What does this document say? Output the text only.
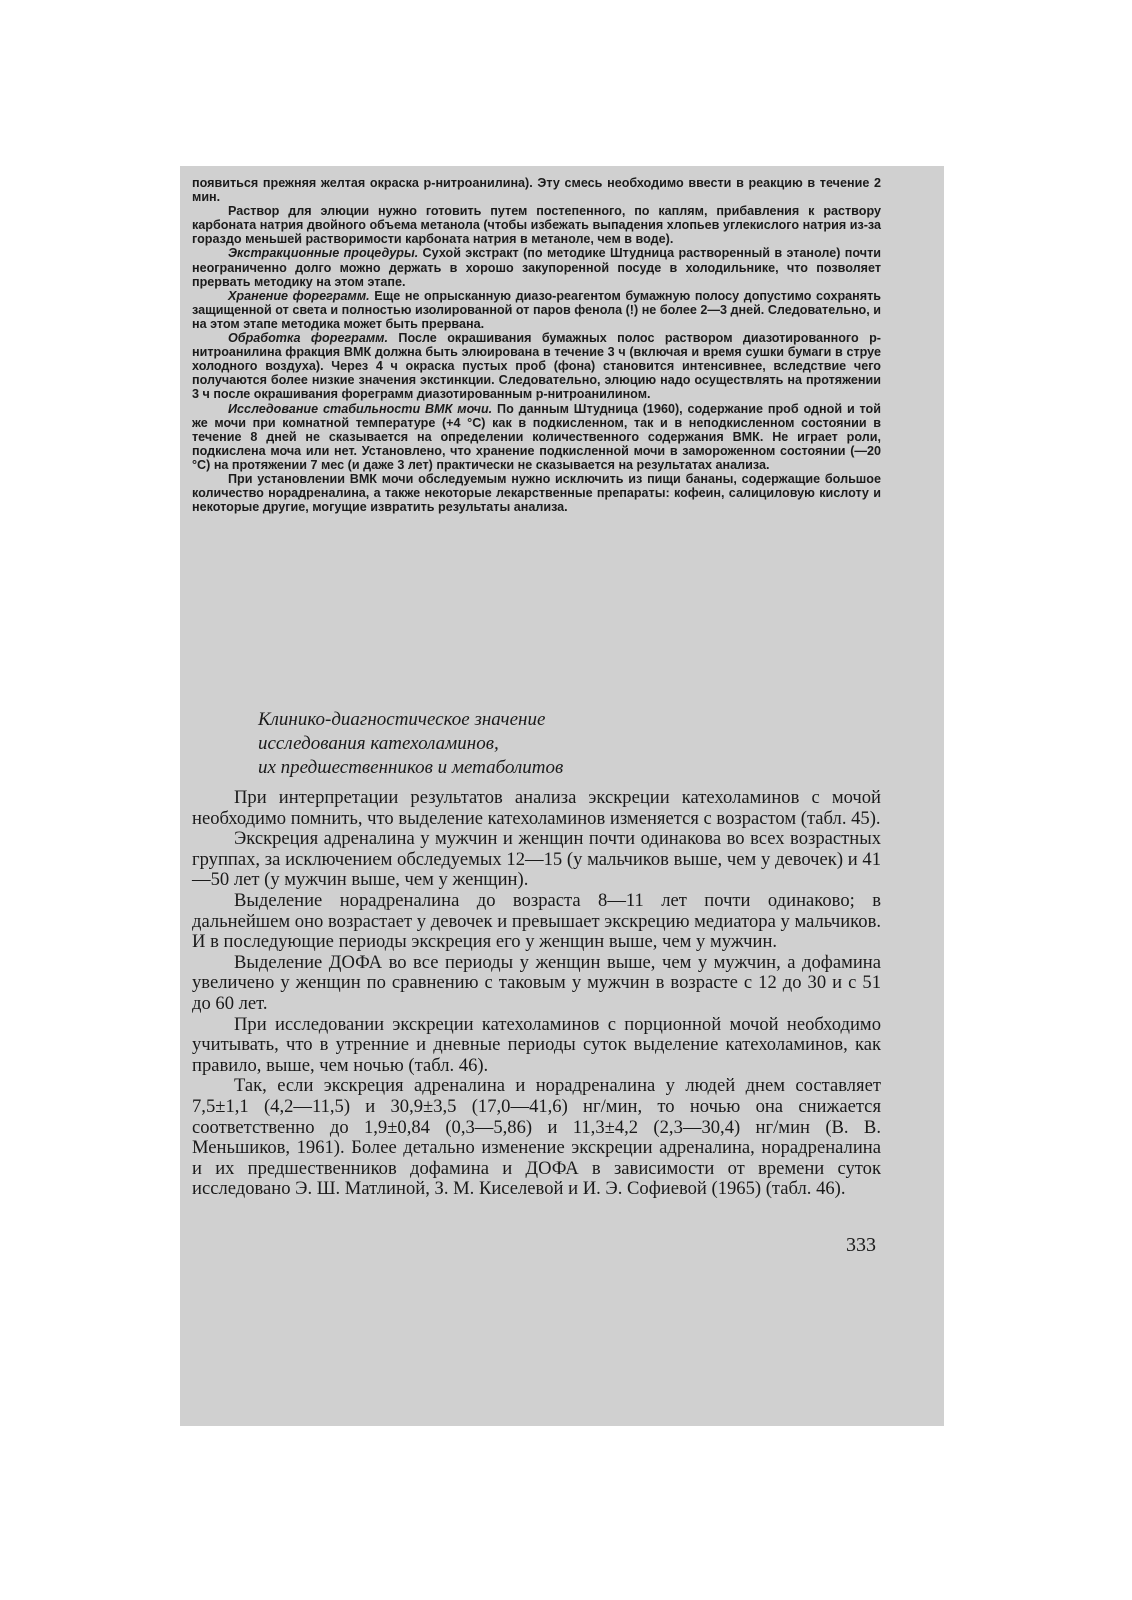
появиться прежняя желтая окраска р-нитроанилина). Эту смесь необходимо ввести в реакцию в течение 2 мин.

Раствор для элюции нужно готовить путем постепенного, по каплям, прибавления к раствору карбоната натрия двойного объема метанола (чтобы избежать выпадения хлопьев углекислого натрия из-за гораздо меньшей растворимости карбоната натрия в метаноле, чем в воде).

Экстракционные процедуры. Сухой экстракт (по методике Штудница растворенный в этаноле) почти неограниченно долго можно держать в хорошо закупоренной посуде в холодильнике, что позволяет прервать методику на этом этапе.

Хранение форeграмм. Еще не опрысканную диазо-реагентом бумажную полосу допустимо сохранять защищенной от света и полностью изолированной от паров фенола (!) не более 2—3 дней. Следовательно, и на этом этапе методика может быть прервана.

Обработка форeграмм. После окрашивания бумажных полос раствором диазотированного р-нитроанилина фракция ВМК должна быть элюирована в течение 3 ч (включая и время сушки бумаги в струе холодного воздуха). Через 4 ч окраска пустых проб (фона) становится интенсивнее, вследствие чего получаются более низкие значения экстинкции. Следовательно, элюцию надо осуществлять на протяжении 3 ч после окрашивания форeграмм диазотированным р-нитроанилином.

Исследование стабильности ВМК мочи. По данным Штудница (1960), содержание проб одной и той же мочи при комнатной температуре (+4 °С) как в подкисленном, так и в неподкисленном состоянии в течение 8 дней не сказывается на определении количественного содержания ВМК. Не играет роли, подкислена моча или нет. Установлено, что хранение подкисленной мочи в замороженном состоянии (—20 °С) на протяжении 7 мес (и даже 3 лет) практически не сказывается на результатах анализа.

При установлении ВМК мочи обследуемым нужно исключить из пищи бананы, содержащие большое количество норадреналина, а также некоторые лекарственные препараты: кофеин, салициловую кислоту и некоторые другие, могущие извратить результаты анализа.

Клинико-диагностическое значение
исследования катехоламинов,
их предшественников и метаболитов

При интерпретации результатов анализа экскреции катехоламинов с мочой необходимо помнить, что выделение катехоламинов изменяется с возрастом (табл. 45).

Экскреция адреналина у мужчин и женщин почти одинакова во всех возрастных группах, за исключением обследуемых 12—15 (у мальчиков выше, чем у девочек) и 41—50 лет (у мужчин выше, чем у женщин).

Выделение норадреналина до возраста 8—11 лет почти одинаково; в дальнейшем оно возрастает у девочек и превышает экскрецию медиатора у мальчиков. И в последующие периоды экскреция его у женщин выше, чем у мужчин.

Выделение ДОФА во все периоды у женщин выше, чем у мужчин, а дофамина увеличено у женщин по сравнению с таковым у мужчин в возрасте с 12 до 30 и с 51 до 60 лет.

При исследовании экскреции катехоламинов с порционной мочой необходимо учитывать, что в утренние и дневные периоды суток выделение катехоламинов, как правило, выше, чем ночью (табл. 46).

Так, если экскреция адреналина и норадреналина у людей днем составляет 7,5±1,1 (4,2—11,5) и 30,9±3,5 (17,0—41,6) нг/мин, то ночью она снижается соответственно до 1,9±0,84 (0,3—5,86) и 11,3±4,2 (2,3—30,4) нг/мин (В. В. Меньшиков, 1961). Более детально изменение экскреции адреналина, норадреналина и их предшественников дофамина и ДОФА в зависимости от времени суток исследовано Э. Ш. Матлиной, З. М. Киселевой и И. Э. Софиевой (1965) (табл. 46).

333
